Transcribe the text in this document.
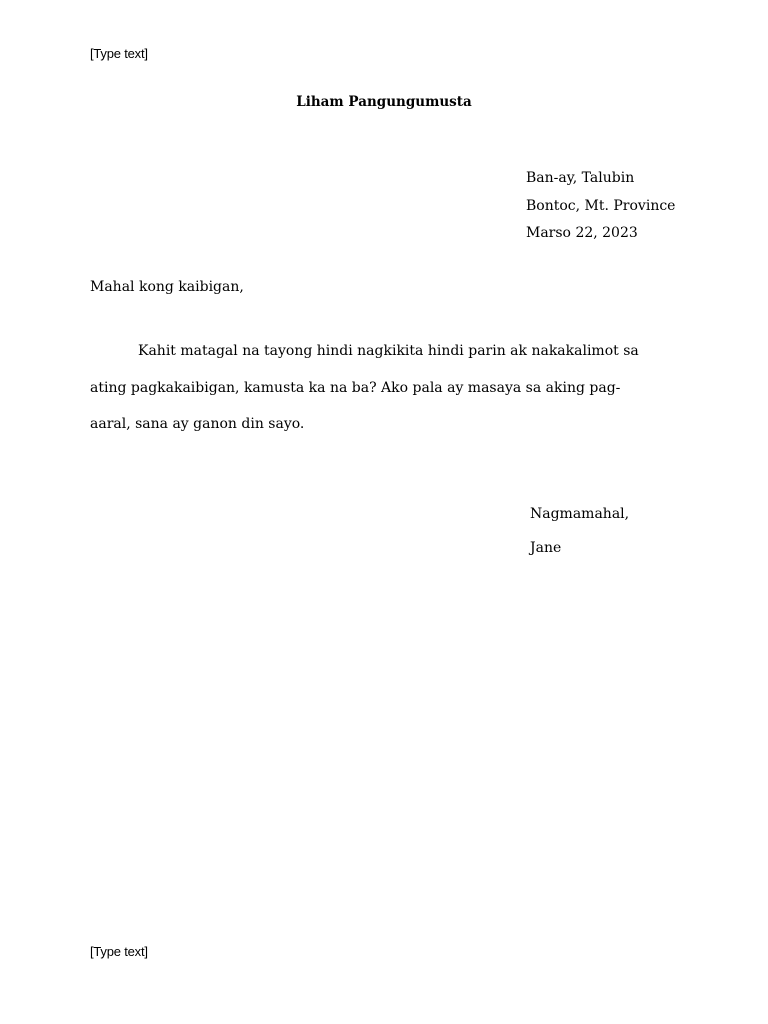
[Type text]
Liham Pangungumusta
Ban-ay, Talubin
Bontoc, Mt. Province
Marso 22, 2023
Mahal kong kaibigan,
Kahit matagal na tayong hindi nagkikita hindi parin ak nakakalimot sa
ating pagkakaibigan, kamusta ka na ba? Ako pala ay masaya sa aking pag-
aaral, sana ay ganon din sayo.
Nagmamahal,
Jane
[Type text]
